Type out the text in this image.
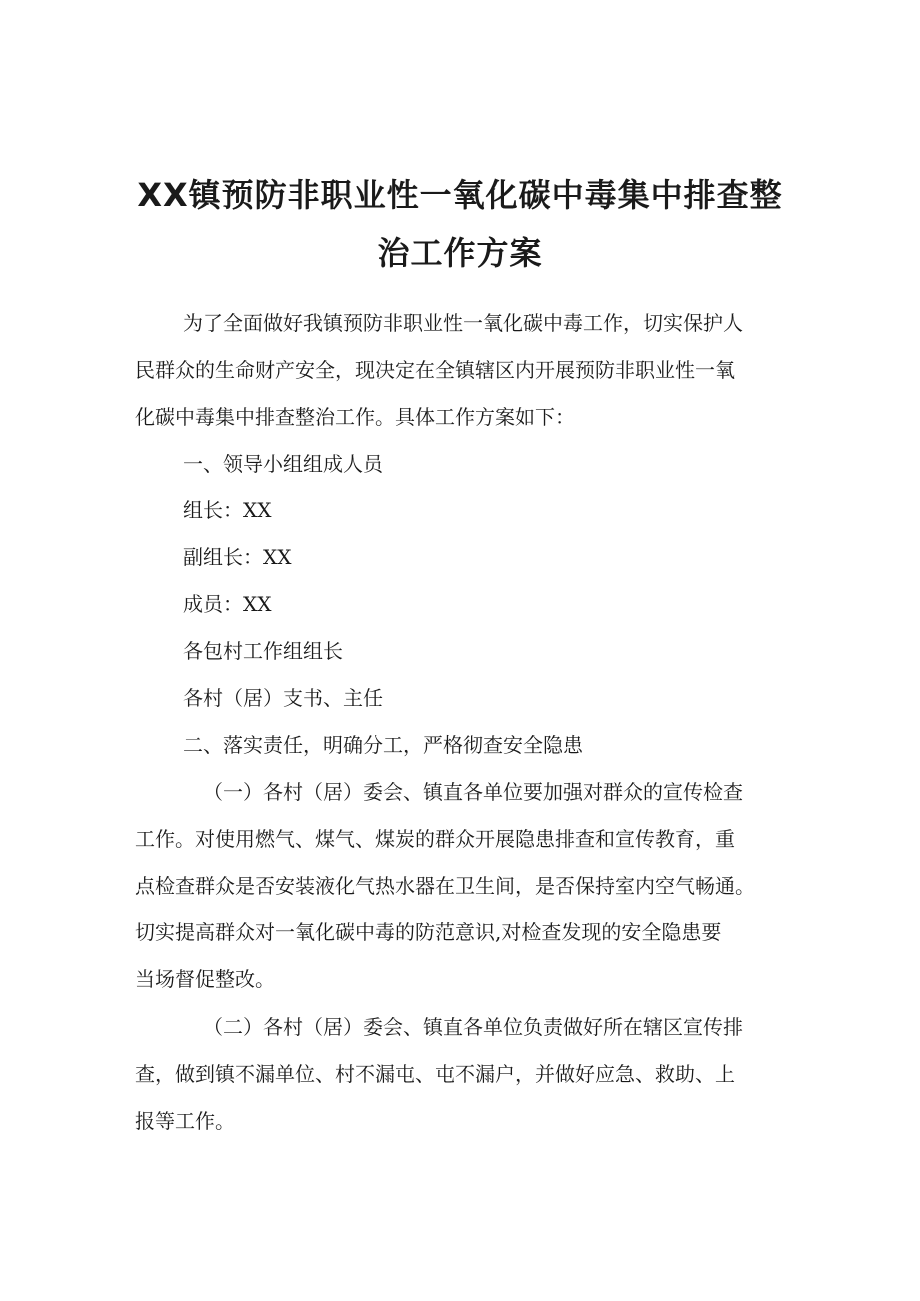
XX镇预防非职业性一氧化碳中毒集中排查整
治工作方案

为了全面做好我镇预防非职业性一氧化碳中毒工作，切实保护人

民群众的生命财产安全，现决定在全镇辖区内开展预防非职业性一氧

化碳中毒集中排查整治工作。具体工作方案如下：

一、领导小组组成人员

组长：XX

副组长：XX

成员：XX

各包村工作组组长

各村（居）支书、主任

二、落实责任，明确分工，严格彻查安全隐患

（一）各村（居）委会、镇直各单位要加强对群众的宣传检查

工作。对使用燃气、煤气、煤炭的群众开展隐患排查和宣传教育，重

点检查群众是否安装液化气热水器在卫生间，是否保持室内空气畅通。

切实提高群众对一氧化碳中毒的防范意识,对检查发现的安全隐患要

当场督促整改。

（二）各村（居）委会、镇直各单位负责做好所在辖区宣传排

查，做到镇不漏单位、村不漏屯、屯不漏户，并做好应急、救助、上

报等工作。
